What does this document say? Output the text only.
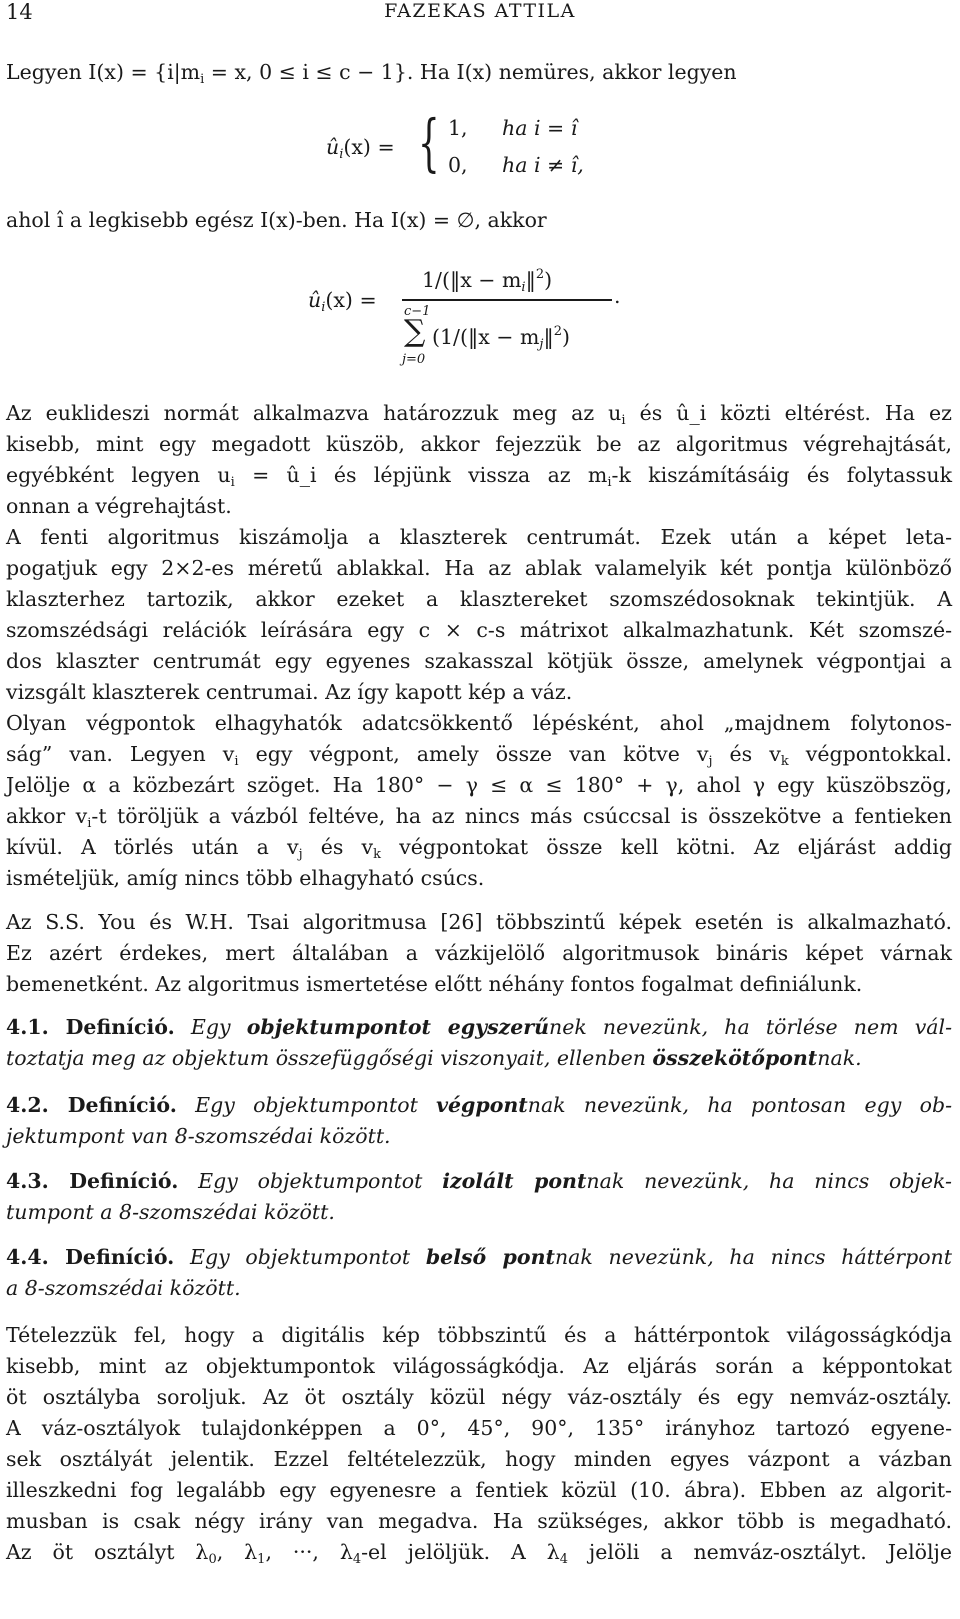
14	FAZEKAS ATTILA
Legyen $I(x) = \{i|m_i = x$, 0 ≤ i ≤ c − 1}. Ha I(x) nemüres, akkor legyen
$û_i(x)$ = { 1, ha i = î
0, ha i ≠ î,
ahol î a legkisebb egész I(x)-ben. Ha I(x) = ∅, akkor
$û_i(x)$ =
1/(‖x − $m_i‖^2$)
.
c−1
∑
j=0
(1/(‖x − $m_j‖^2$)
Az euklideszi normát alkalmazva határozzuk meg az $u_i$ és û_i közti eltérést. Ha ez
kisebb, mint egy megadott küszöb, akkor fejezzük be az algoritmus végrehajtását,
egyébként legyen $u_i$ = û_i és lépjünk vissza az $m_i-k$ kiszámításáig és folytassuk
onnan a végrehajtást.
A fenti algoritmus kiszámolja a klaszterek centrumát. Ezek után a képet leta-
pogatjuk egy 2×2-es méretű ablakkal. Ha az ablak valamelyik két pontja különböző
klaszterhez tartozik, akkor ezeket a klasztereket szomszédosoknak tekintjük. A
szomszédsági relációk leírására egy c × c-s mátrixot alkalmazhatunk. Két szomszé-
dos klaszter centrumát egy egyenes szakasszal kötjük össze, amelynek végpontjai a
vizsgált klaszterek centrumai. Az így kapott kép a váz.
Olyan végpontok elhagyhatók adatcsökkentő lépésként, ahol „majdnem folytonos-
ság” van. Legyen $v_i$ egy végpont, amely össze van kötve $v_j$ és $v_k$ végpontokkal.
Jelölje α a közbezárt szöget. Ha 180° − γ ≤ α ≤ 180° + γ, ahol γ egy küszöbszög,
akkor $v_i-t$ töröljük a vázból feltéve, ha az nincs más csúccsal is összekötve a fentieken
kívül. A törlés után a $v_j$ és $v_k$ végpontokat össze kell kötni. Az eljárást addig
ismételjük, amíg nincs több elhagyható csúcs.
Az S.S. You és W.H. Tsai algoritmusa [26] többszintű képek esetén is alkalmazható.
Ez azért érdekes, mert általában a vázkijelölő algoritmusok bináris képet várnak
bemenetként. Az algoritmus ismertetése előtt néhány fontos fogalmat definiálunk.
4.1. Definíció. Egy objektumpontot egyszerűnek nevezünk, ha törlése nem vál-
toztatja meg az objektum összefüggőségi viszonyait, ellenben összekötőpontnak.
4.2. Definíció. Egy objektumpontot végpontnak nevezünk, ha pontosan egy ob-
jektumpont van 8-szomszédai között.
4.3. Definíció. Egy objektumpontot izolált pontnak nevezünk, ha nincs objek-
tumpont a 8-szomszédai között.
4.4. Definíció. Egy objektumpontot belső pontnak nevezünk, ha nincs háttérpont
a 8-szomszédai között.
Tételezzük fel, hogy a digitális kép többszintű és a háttérpontok világosságkódja
kisebb, mint az objektumpontok világosságkódja. Az eljárás során a képpontokat
öt osztályba soroljuk. Az öt osztály közül négy váz-osztály és egy nemváz-osztály.
A váz-osztályok tulajdonképpen a 0°, 45°, 90°, 135° irányhoz tartozó egyene-
sek osztályát jelentik. Ezzel feltételezzük, hogy minden egyes vázpont a vázban
illeszkedni fog legalább egy egyenesre a fentiek közül (10. ábra). Ebben az algorit-
musban is csak négy irány van megadva. Ha szükséges, akkor több is megadható.
Az öt osztályt $\lambda_0$, $\lambda_1$, ···, $\lambda_4-el$ jelöljük. A $\lambda_4$ jelöli a nemváz-osztályt. Jelölje
